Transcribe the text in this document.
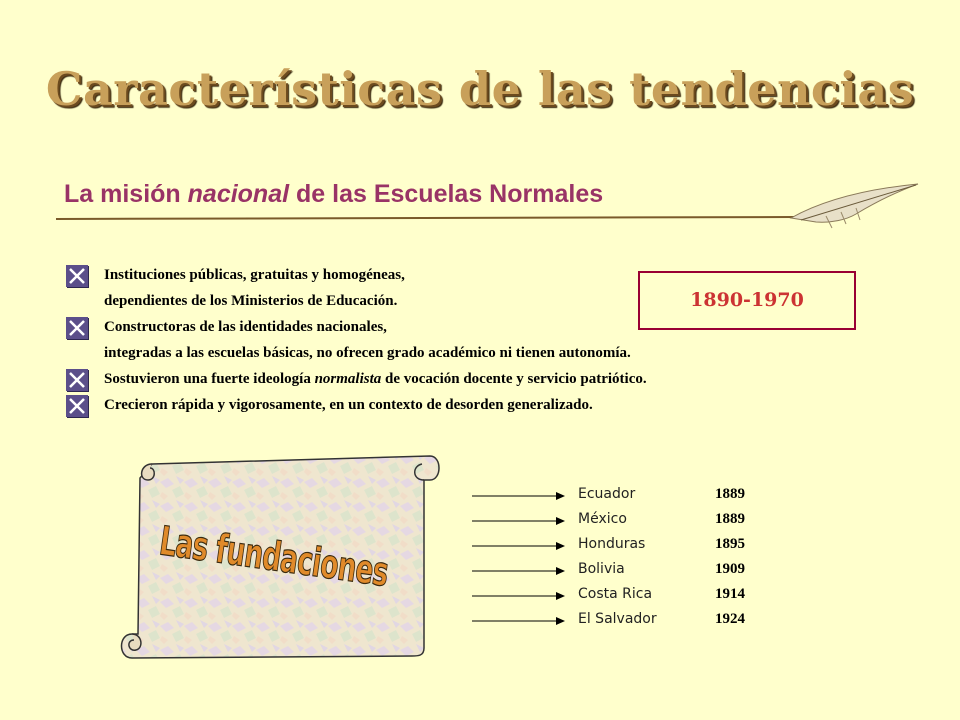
Características de las tendencias
La misión nacional de las Escuelas Normales
Instituciones públicas, gratuitas y homogéneas,
dependientes de los Ministerios de Educación.
Constructoras de las identidades nacionales,
integradas a las escuelas básicas, no ofrecen grado académico ni tienen autonomía.
Sostuvieron una fuerte ideología normalista de vocación docente y servicio patriótico.
Crecieron rápida y vigorosamente, en un contexto de desorden generalizado.
1890-1970
Las fundaciones
Ecuador	1889
México	1889
Honduras	1895
Bolivia	1909
Costa Rica	1914
El Salvador	1924
